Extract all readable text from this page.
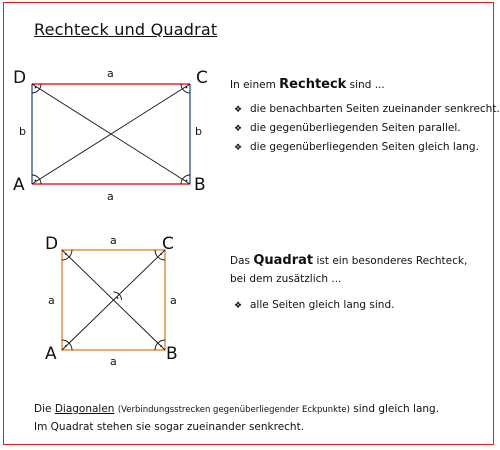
Rechteck und Quadrat
D	C
A	B
a
a
b	b
In einem Rechteck sind ...
❖ die benachbarten Seiten zueinander senkrecht.
❖ die gegenüberliegenden Seiten parallel.
❖ die gegenüberliegenden Seiten gleich lang.
D	C
A	B
a
a
a	a
Das Quadrat ist ein besonderes Rechteck,
bei dem zusätzlich ...
❖ alle Seiten gleich lang sind.
Die Diagonalen (Verbindungsstrecken gegenüberliegender Eckpunkte) sind gleich lang.
Im Quadrat stehen sie sogar zueinander senkrecht.
